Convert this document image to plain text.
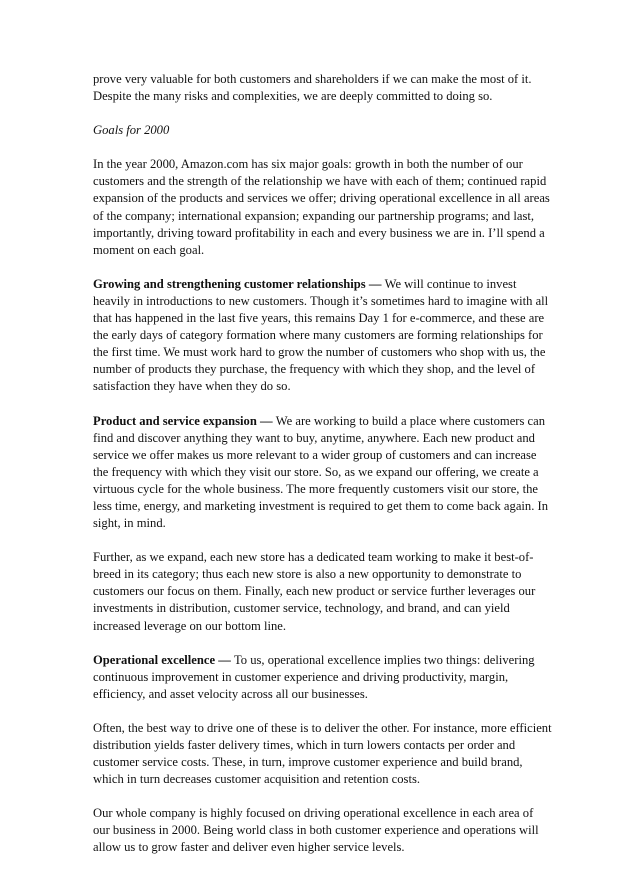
prove very valuable for both customers and shareholders if we can make the most of it. Despite the many risks and complexities, we are deeply committed to doing so.

Goals for 2000

In the year 2000, Amazon.com has six major goals: growth in both the number of our customers and the strength of the relationship we have with each of them; continued rapid expansion of the products and services we offer; driving operational excellence in all areas of the company; international expansion; expanding our partnership programs; and last, importantly, driving toward profitability in each and every business we are in. I’ll spend a moment on each goal.

Growing and strengthening customer relationships — We will continue to invest heavily in introductions to new customers. Though it’s sometimes hard to imagine with all that has happened in the last five years, this remains Day 1 for e-commerce, and these are the early days of category formation where many customers are forming relationships for the first time. We must work hard to grow the number of customers who shop with us, the number of products they purchase, the frequency with which they shop, and the level of satisfaction they have when they do so.

Product and service expansion — We are working to build a place where customers can find and discover anything they want to buy, anytime, anywhere. Each new product and service we offer makes us more relevant to a wider group of customers and can increase the frequency with which they visit our store. So, as we expand our offering, we create a virtuous cycle for the whole business. The more frequently customers visit our store, the less time, energy, and marketing investment is required to get them to come back again. In sight, in mind.

Further, as we expand, each new store has a dedicated team working to make it best-of-breed in its category; thus each new store is also a new opportunity to demonstrate to customers our focus on them. Finally, each new product or service further leverages our investments in distribution, customer service, technology, and brand, and can yield increased leverage on our bottom line.

Operational excellence — To us, operational excellence implies two things: delivering continuous improvement in customer experience and driving productivity, margin, efficiency, and asset velocity across all our businesses.

Often, the best way to drive one of these is to deliver the other. For instance, more efficient distribution yields faster delivery times, which in turn lowers contacts per order and customer service costs. These, in turn, improve customer experience and build brand, which in turn decreases customer acquisition and retention costs.

Our whole company is highly focused on driving operational excellence in each area of our business in 2000. Being world class in both customer experience and operations will allow us to grow faster and deliver even higher service levels.
